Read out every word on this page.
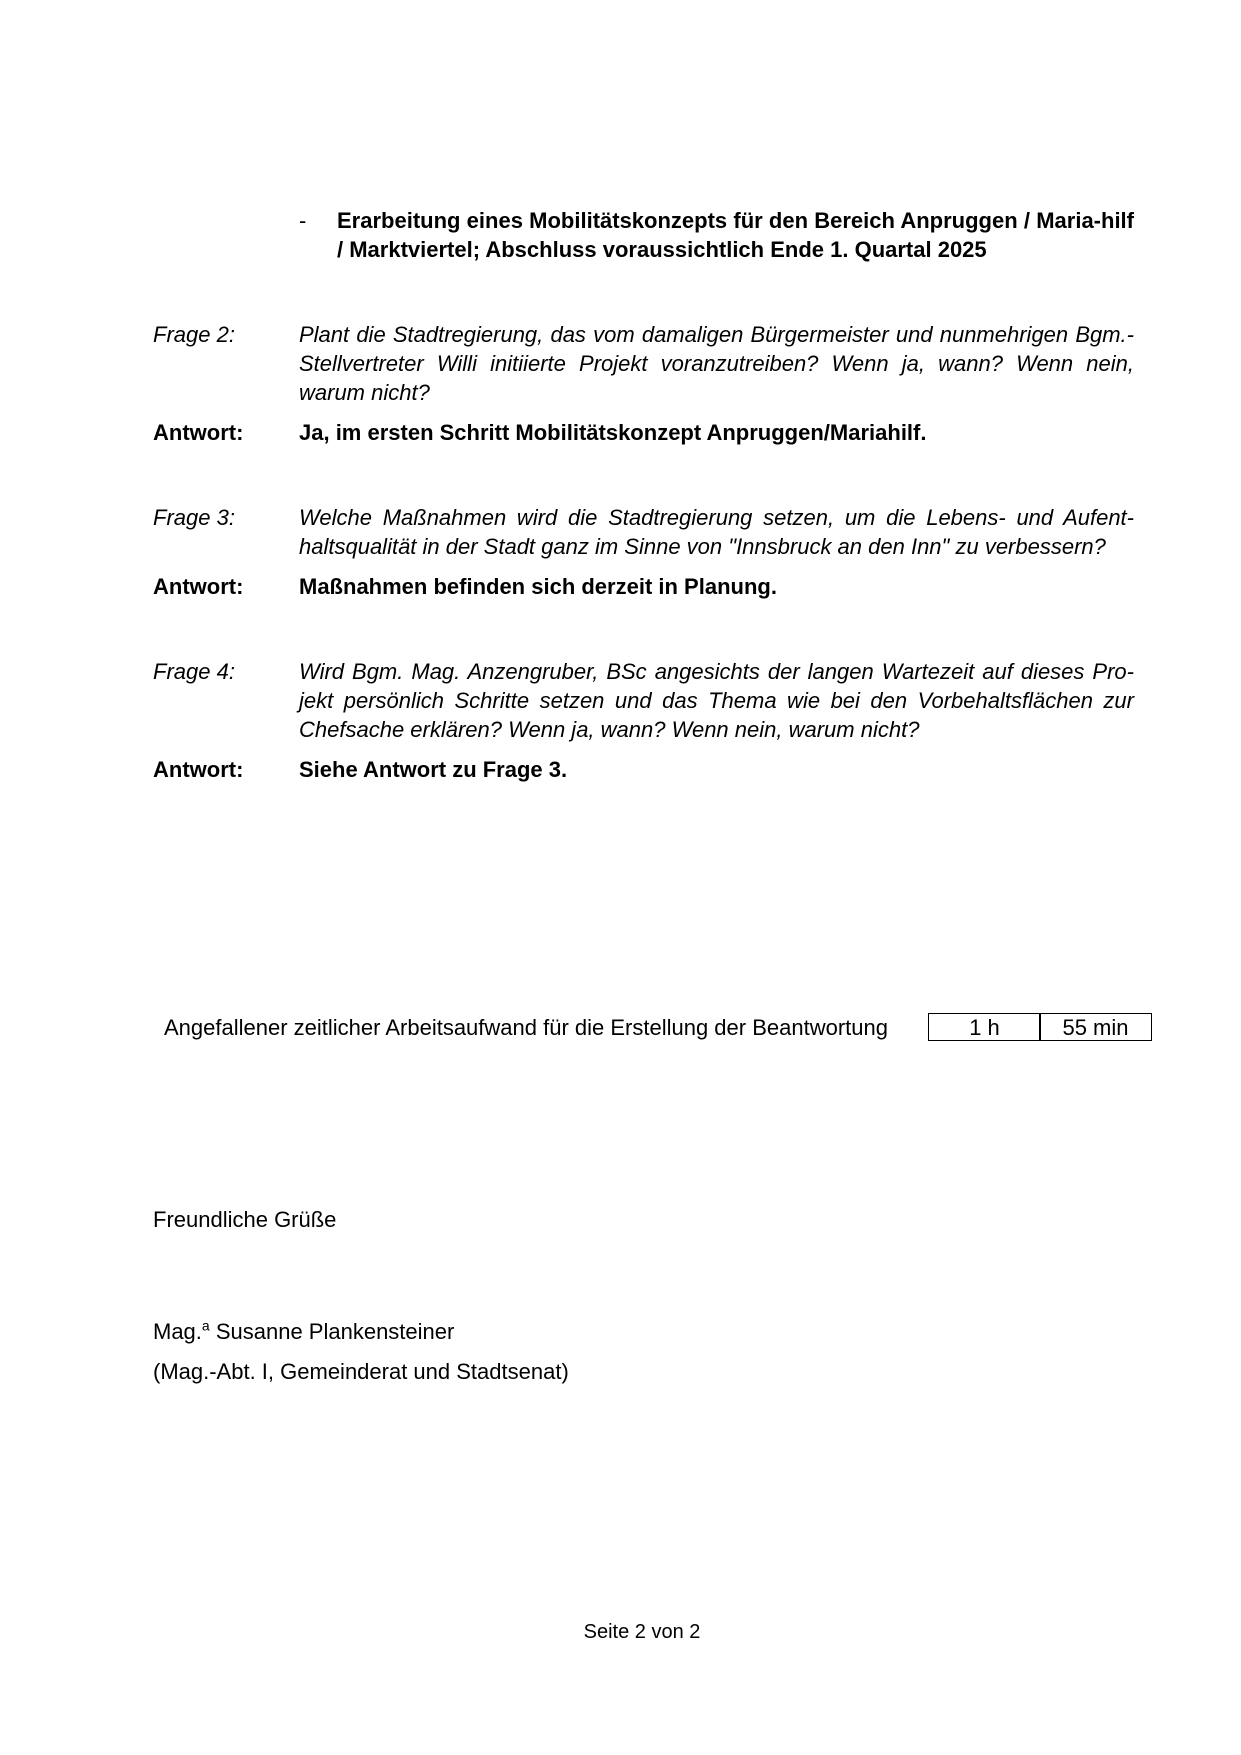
- Erarbeitung eines Mobilitätskonzepts für den Bereich Anpruggen / Maria-hilf / Marktviertel; Abschluss voraussichtlich Ende 1. Quartal 2025
Frage 2:	Plant die Stadtregierung, das vom damaligen Bürgermeister und nunmehrigen Bgm.-Stellvertreter Willi initiierte Projekt voranzutreiben? Wenn ja, wann? Wenn nein, warum nicht?
Antwort:	Ja, im ersten Schritt Mobilitätskonzept Anpruggen/Mariahilf.
Frage 3:	Welche Maßnahmen wird die Stadtregierung setzen, um die Lebens- und Aufent-haltsqualität in der Stadt ganz im Sinne von "Innsbruck an den Inn" zu verbessern?
Antwort:	Maßnahmen befinden sich derzeit in Planung.
Frage 4:	Wird Bgm. Mag. Anzengruber, BSc angesichts der langen Wartezeit auf dieses Pro-jekt persönlich Schritte setzen und das Thema wie bei den Vorbehaltsflächen zur Chefsache erklären? Wenn ja, wann? Wenn nein, warum nicht?
Antwort:	Siehe Antwort zu Frage 3.
Angefallener zeitlicher Arbeitsaufwand für die Erstellung der Beantwortung	1 h	55 min
Freundliche Grüße
Mag.$^a$ Susanne Plankensteiner
(Mag.-Abt. I, Gemeinderat und Stadtsenat)
Seite 2 von 2
